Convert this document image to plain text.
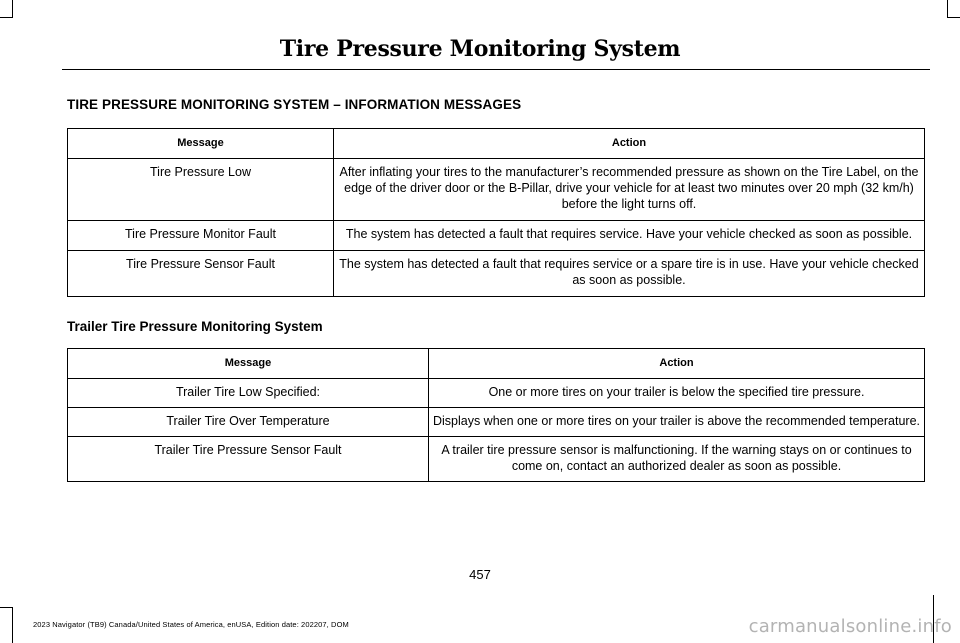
Tire Pressure Monitoring System
TIRE PRESSURE MONITORING SYSTEM – INFORMATION MESSAGES
Message	Action
Tire Pressure Low	After inflating your tires to the manufacturer’s recommended pressure as shown on the Tire Label, on the edge of the driver door or the B-Pillar, drive your vehicle for at least two minutes over 20 mph (32 km/h) before the light turns off.
Tire Pressure Monitor Fault	The system has detected a fault that requires service. Have your vehicle checked as soon as possible.
Tire Pressure Sensor Fault	The system has detected a fault that requires service or a spare tire is in use. Have your vehicle checked as soon as possible.
Trailer Tire Pressure Monitoring System
Message	Action
Trailer Tire Low Specified:	One or more tires on your trailer is below the specified tire pressure.
Trailer Tire Over Temperature	Displays when one or more tires on your trailer is above the recommended temperature.
Trailer Tire Pressure Sensor Fault	A trailer tire pressure sensor is malfunctioning. If the warning stays on or continues to come on, contact an authorized dealer as soon as possible.
457
2023 Navigator (TB9) Canada/United States of America, enUSA, Edition date: 202207, DOM	carmanualsonline.info
